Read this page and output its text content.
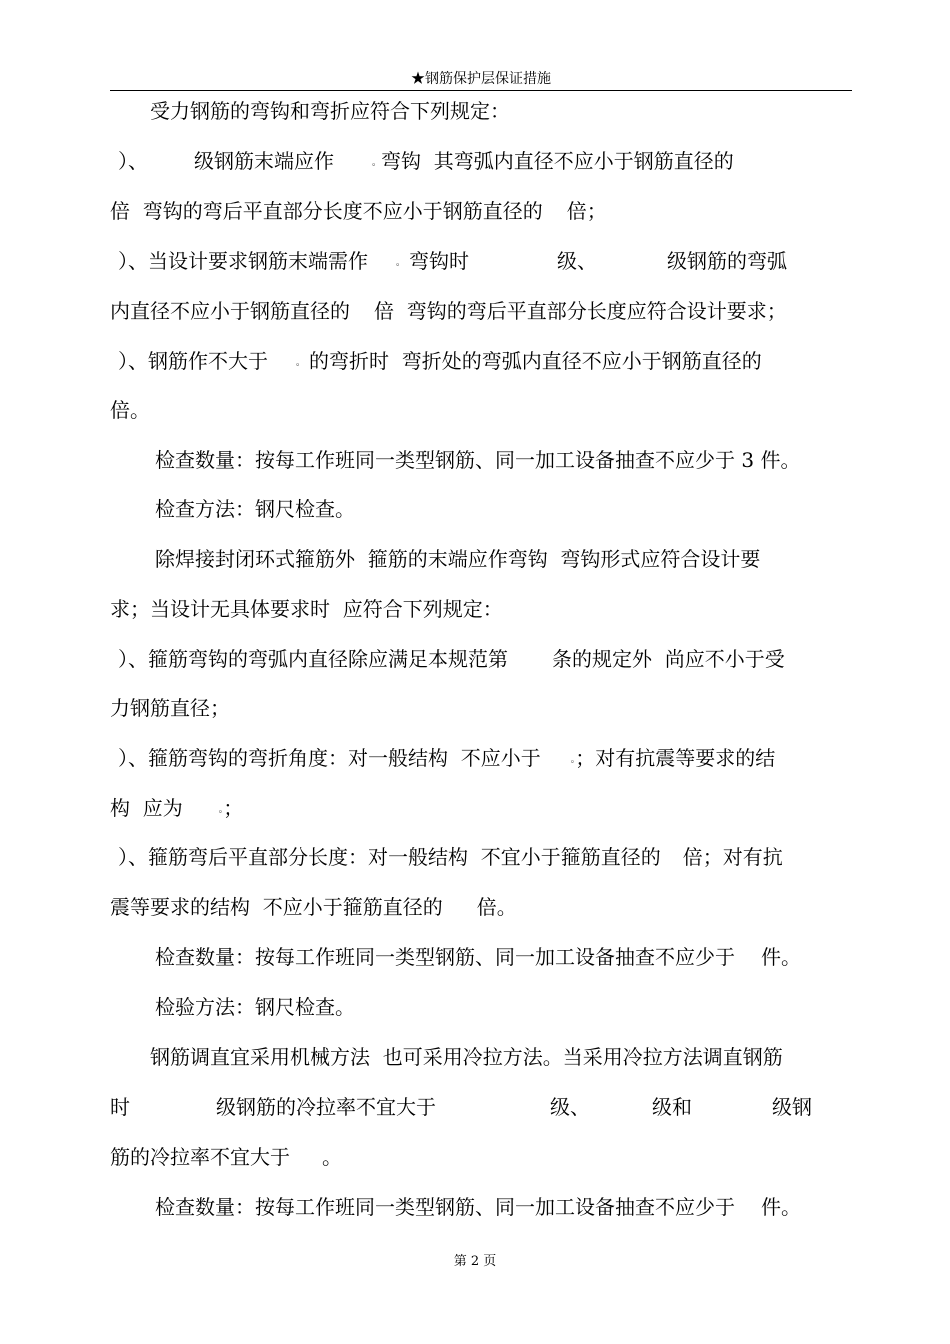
★钢筋保护层保证措施
受力钢筋的弯钩和弯折应符合下列规定：
）、 级钢筋末端应作	。弯钩  其弯弧内直径不应小于钢筋直径的
倍  弯钩的弯后平直部分长度不应小于钢筋直径的 倍；
）、当设计要求钢筋末端需作	。 弯钩时	级、	级钢筋的弯弧
内直径不应小于钢筋直径的 倍  弯钩的弯后平直部分长度应符合设计要求；
）、钢筋作不大于	。 的弯折时  弯折处的弯弧内直径不应小于钢筋直径的
倍。
检查数量：按每工作班同一类型钢筋、同一加工设备抽查不应少于 3 件。
检查方法：钢尺检查。
除焊接封闭环式箍筋外  箍筋的末端应作弯钩  弯钩形式应符合设计要
求；当设计无具体要求时  应符合下列规定：
）、箍筋弯钩的弯弧内直径除应满足本规范第 条的规定外  尚应不小于受
力钢筋直径；
）、箍筋弯钩的弯折角度：对一般结构  不应小于	。；对有抗震等要求的结
构  应为	。；
）、箍筋弯后平直部分长度：对一般结构  不宜小于箍筋直径的 倍；对有抗
震等要求的结构  不应小于箍筋直径的 倍。
检查数量：按每工作班同一类型钢筋、同一加工设备抽查不应少于 件。
检验方法：钢尺检查。
钢筋调直宜采用机械方法  也可采用冷拉方法。当采用冷拉方法调直钢筋
时	级钢筋的冷拉率不宜大于	级、	级和	级钢
筋的冷拉率不宜大于 。
检查数量：按每工作班同一类型钢筋、同一加工设备抽查不应少于 件。
第 2 页
